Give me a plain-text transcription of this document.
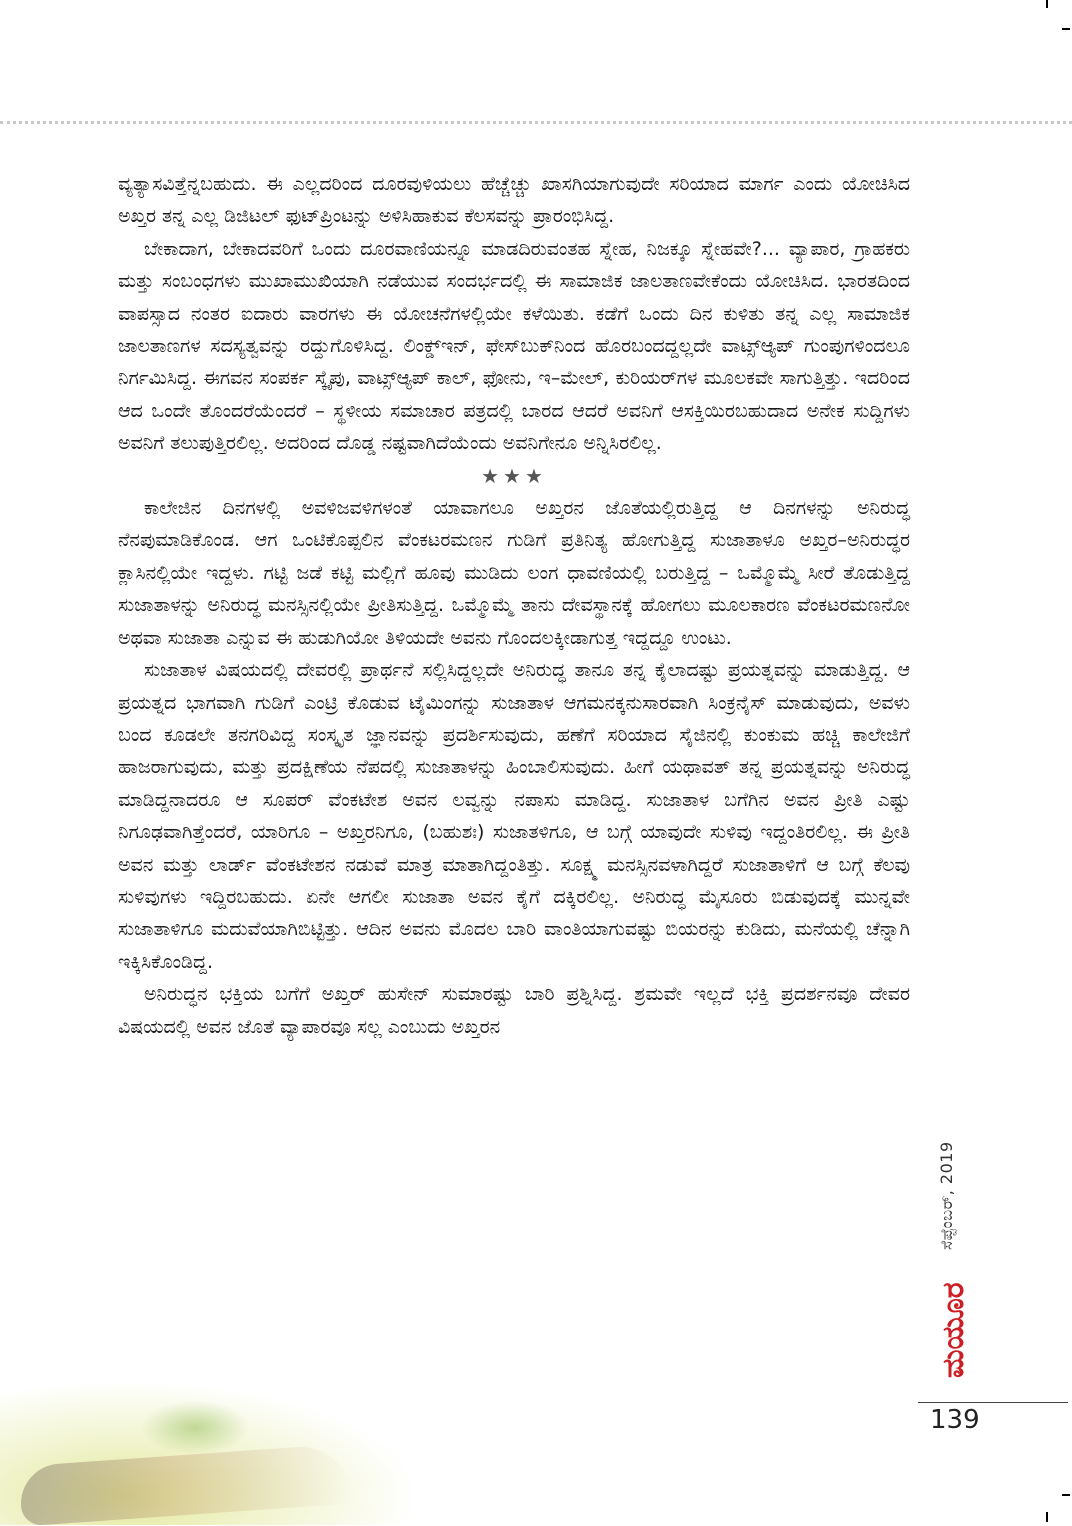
ವ್ಯತ್ಯಾಸವಿತ್ತೆನ್ನಬಹುದು. ಈ ಎಲ್ಲದರಿಂದ ದೂರವುಳಿಯಲು ಹೆಚ್ಚೆಚ್ಚು ಖಾಸಗಿಯಾಗುವುದೇ ಸರಿಯಾದ ಮಾರ್ಗ ಎಂದು ಯೋಚಿಸಿದ ಅಖ್ತರ ತನ್ನ ಎಲ್ಲ ಡಿಜಿಟಲ್ ಫುಟ್‌ಪ್ರಿಂಟನ್ನು ಅಳಿಸಿಹಾಕುವ ಕೆಲಸವನ್ನು ಪ್ರಾರಂಭಿಸಿದ್ದ.

ಬೇಕಾದಾಗ, ಬೇಕಾದವರಿಗೆ ಒಂದು ದೂರವಾಣಿಯನ್ನೂ ಮಾಡದಿರುವಂತಹ ಸ್ನೇಹ, ನಿಜಕ್ಕೂ ಸ್ನೇಹವೇ?... ವ್ಯಾಪಾರ, ಗ್ರಾಹಕರು ಮತ್ತು ಸಂಬಂಧಗಳು ಮುಖಾಮುಖಿಯಾಗಿ ನಡೆಯುವ ಸಂದರ್ಭದಲ್ಲಿ ಈ ಸಾಮಾಜಿಕ ಜಾಲತಾಣವೇಕೆಂದು ಯೋಚಿಸಿದ. ಭಾರತದಿಂದ ವಾಪಸ್ಸಾದ ನಂತರ ಐದಾರು ವಾರಗಳು ಈ ಯೋಚನೆಗಳಲ್ಲಿಯೇ ಕಳೆಯಿತು. ಕಡೆಗೆ ಒಂದು ದಿನ ಕುಳಿತು ತನ್ನ ಎಲ್ಲ ಸಾಮಾಜಿಕ ಜಾಲತಾಣಗಳ ಸದಸ್ಯತ್ವವನ್ನು ರದ್ದುಗೊಳಿಸಿದ್ದ. ಲಿಂಕ್ಡ್‌ಇನ್, ಫೇಸ್‌ಬುಕ್‌ನಿಂದ ಹೊರಬಂದದ್ದಲ್ಲದೇ ವಾಟ್ಸ್‌ಆ್ಯಪ್ ಗುಂಪುಗಳಿಂದಲೂ ನಿರ್ಗಮಿಸಿದ್ದ. ಈಗವನ ಸಂಪರ್ಕ ಸ್ಕೈಪು, ವಾಟ್ಸ್‌ಆ್ಯಪ್ ಕಾಲ್, ಫೋನು, ಇ–ಮೇಲ್, ಕುರಿಯರ್‌ಗಳ ಮೂಲಕವೇ ಸಾಗುತ್ತಿತ್ತು. ಇದರಿಂದ ಆದ ಒಂದೇ ತೊಂದರೆಯೆಂದರೆ – ಸ್ಥಳೀಯ ಸಮಾಚಾರ ಪತ್ರದಲ್ಲಿ ಬಾರದ ಆದರೆ ಅವನಿಗೆ ಆಸಕ್ತಿಯಿರಬಹುದಾದ ಅನೇಕ ಸುದ್ದಿಗಳು ಅವನಿಗೆ ತಲುಪುತ್ತಿರಲಿಲ್ಲ. ಅದರಿಂದ ದೊಡ್ಡ ನಷ್ಟವಾಗಿದೆಯೆಂದು ಅವನಿಗೇನೂ ಅನ್ನಿಸಿರಲಿಲ್ಲ.

★★★

ಕಾಲೇಜಿನ ದಿನಗಳಲ್ಲಿ ಅವಳಿಜವಳಿಗಳಂತೆ ಯಾವಾಗಲೂ ಅಖ್ತರನ ಜೊತೆಯಲ್ಲಿರುತ್ತಿದ್ದ ಆ ದಿನಗಳನ್ನು ಅನಿರುದ್ಧ ನೆನಪುಮಾಡಿಕೊಂಡ. ಆಗ ಒಂಟಿಕೊಪ್ಪಲಿನ ವೆಂಕಟರಮಣನ ಗುಡಿಗೆ ಪ್ರತಿನಿತ್ಯ ಹೋಗುತ್ತಿದ್ದ ಸುಜಾತಾಳೂ ಅಖ್ತರ–ಅನಿರುದ್ಧರ ಕ್ಲಾಸಿನಲ್ಲಿಯೇ ಇದ್ದಳು. ಗಟ್ಟಿ ಜಡೆ ಕಟ್ಟಿ ಮಲ್ಲಿಗೆ ಹೂವು ಮುಡಿದು ಲಂಗ ಧಾವಣಿಯಲ್ಲಿ ಬರುತ್ತಿದ್ದ – ಒಮ್ಮೊಮ್ಮೆ ಸೀರೆ ತೊಡುತ್ತಿದ್ದ ಸುಜಾತಾಳನ್ನು ಅನಿರುದ್ಧ ಮನಸ್ಸಿನಲ್ಲಿಯೇ ಪ್ರೀತಿಸುತ್ತಿದ್ದ. ಒಮ್ಮೊಮ್ಮೆ ತಾನು ದೇವಸ್ಥಾನಕ್ಕೆ ಹೋಗಲು ಮೂಲಕಾರಣ ವೆಂಕಟರಮಣನೋ ಅಥವಾ ಸುಜಾತಾ ಎನ್ನುವ ಈ ಹುಡುಗಿಯೋ ತಿಳಿಯದೇ ಅವನು ಗೊಂದಲಕ್ಕೀಡಾಗುತ್ತ ಇದ್ದದ್ದೂ ಉಂಟು.

ಸುಜಾತಾಳ ವಿಷಯದಲ್ಲಿ ದೇವರಲ್ಲಿ ಪ್ರಾರ್ಥನೆ ಸಲ್ಲಿಸಿದ್ದಲ್ಲದೇ ಅನಿರುದ್ಧ ತಾನೂ ತನ್ನ ಕೈಲಾದಷ್ಟು ಪ್ರಯತ್ನವನ್ನು ಮಾಡುತ್ತಿದ್ದ. ಆ ಪ್ರಯತ್ನದ ಭಾಗವಾಗಿ ಗುಡಿಗೆ ಎಂಟ್ರಿ ಕೊಡುವ ಟೈಮಿಂಗನ್ನು ಸುಜಾತಾಳ ಆಗಮನಕ್ಕನುಸಾರವಾಗಿ ಸಿಂಕ್ರನೈಸ್ ಮಾಡುವುದು, ಅವಳು ಬಂದ ಕೂಡಲೇ ತನಗರಿವಿದ್ದ ಸಂಸ್ಕೃತ ಜ್ಞಾನವನ್ನು ಪ್ರದರ್ಶಿಸುವುದು, ಹಣೆಗೆ ಸರಿಯಾದ ಸೈಜಿನಲ್ಲಿ ಕುಂಕುಮ ಹಚ್ಚಿ ಕಾಲೇಜಿಗೆ ಹಾಜರಾಗುವುದು, ಮತ್ತು ಪ್ರದಕ್ಷಿಣೆಯ ನೆಪದಲ್ಲಿ ಸುಜಾತಾಳನ್ನು ಹಿಂಬಾಲಿಸುವುದು. ಹೀಗೆ ಯಥಾವತ್ ತನ್ನ ಪ್ರಯತ್ನವನ್ನು ಅನಿರುದ್ಧ ಮಾಡಿದ್ದನಾದರೂ ಆ ಸೂಪರ್ ವೆಂಕಟೇಶ ಅವನ ಲವ್ವನ್ನು ನಪಾಸು ಮಾಡಿದ್ದ. ಸುಜಾತಾಳ ಬಗೆಗಿನ ಅವನ ಪ್ರೀತಿ ಎಷ್ಟು ನಿಗೂಢವಾಗಿತ್ತೆಂದರೆ, ಯಾರಿಗೂ – ಅಖ್ತರನಿಗೂ, (ಬಹುಶಃ) ಸುಜಾತಳಿಗೂ, ಆ ಬಗ್ಗೆ ಯಾವುದೇ ಸುಳಿವು ಇದ್ದಂತಿರಲಿಲ್ಲ. ಈ ಪ್ರೀತಿ ಅವನ ಮತ್ತು ಲಾರ್ಡ್ ವೆಂಕಟೇಶನ ನಡುವೆ ಮಾತ್ರ ಮಾತಾಗಿದ್ದಂತಿತ್ತು. ಸೂಕ್ಷ್ಮ ಮನಸ್ಸಿನವಳಾಗಿದ್ದರೆ ಸುಜಾತಾಳಿಗೆ ಆ ಬಗ್ಗೆ ಕೆಲವು ಸುಳಿವುಗಳು ಇದ್ದಿರಬಹುದು. ಏನೇ ಆಗಲೀ ಸುಜಾತಾ ಅವನ ಕೈಗೆ ದಕ್ಕಿರಲಿಲ್ಲ. ಅನಿರುದ್ಧ ಮೈಸೂರು ಬಿಡುವುದಕ್ಕೆ ಮುನ್ನವೇ ಸುಜಾತಾಳಿಗೂ ಮದುವೆಯಾಗಿಬಿಟ್ಟಿತ್ತು. ಆದಿನ ಅವನು ಮೊದಲ ಬಾರಿ ವಾಂತಿಯಾಗುವಷ್ಟು ಬಿಯರನ್ನು ಕುಡಿದು, ಮನೆಯಲ್ಲಿ ಚೆನ್ನಾಗಿ ಇಕ್ಕಿಸಿಕೊಂಡಿದ್ದ.

ಅನಿರುದ್ಧನ ಭಕ್ತಿಯ ಬಗೆಗೆ ಅಖ್ತರ್ ಹುಸೇನ್ ಸುಮಾರಷ್ಟು ಬಾರಿ ಪ್ರಶ್ನಿಸಿದ್ದ. ಶ್ರಮವೇ ಇಲ್ಲದೆ ಭಕ್ತಿ ಪ್ರದರ್ಶನವೂ ದೇವರ ವಿಷಯದಲ್ಲಿ ಅವನ ಜೊತೆ ವ್ಯಾಪಾರವೂ ಸಲ್ಲ ಎಂಬುದು ಅಖ್ತರನ

ಸೆಪ್ಟೆಂಬರ್, 2019
ಮಯೂರ
139
